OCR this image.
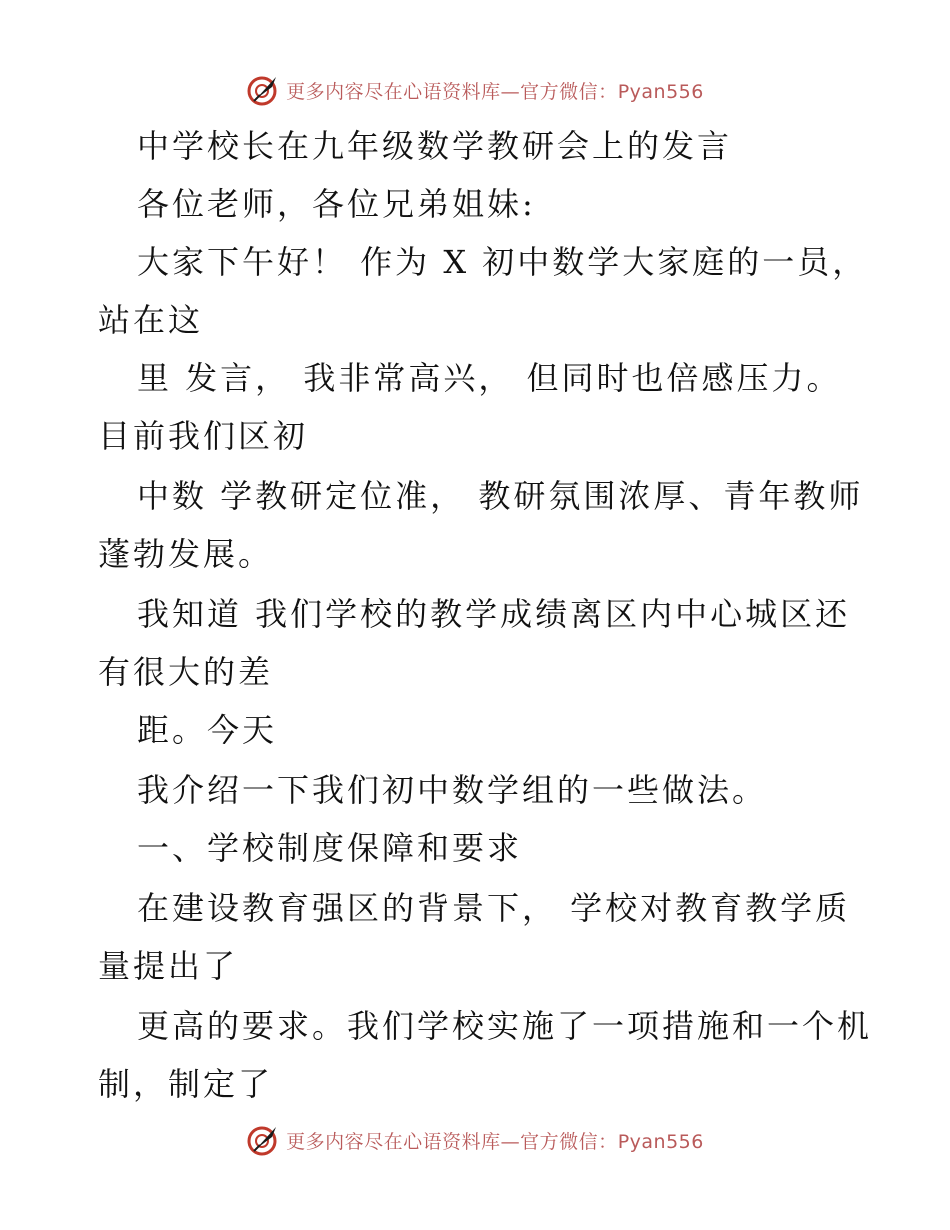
更多内容尽在心语资料库—官方微信：Pyan556
中学校长在九年级数学教研会上的发言
各位老师，各位兄弟姐妹:
大家下午好！ 作为 X 初中数学大家庭的一员，
站在这
里 发言， 我非常高兴， 但同时也倍感压力。
目前我们区初
中数 学教研定位准， 教研氛围浓厚、青年教师
蓬勃发展。
我知道 我们学校的教学成绩离区内中心城区还
有很大的差
距。今天
我介绍一下我们初中数学组的一些做法。
一、学校制度保障和要求
在建设教育强区的背景下， 学校对教育教学质
量提出了
更高的要求。我们学校实施了一项措施和一个机
制，制定了
更多内容尽在心语资料库—官方微信：Pyan556
